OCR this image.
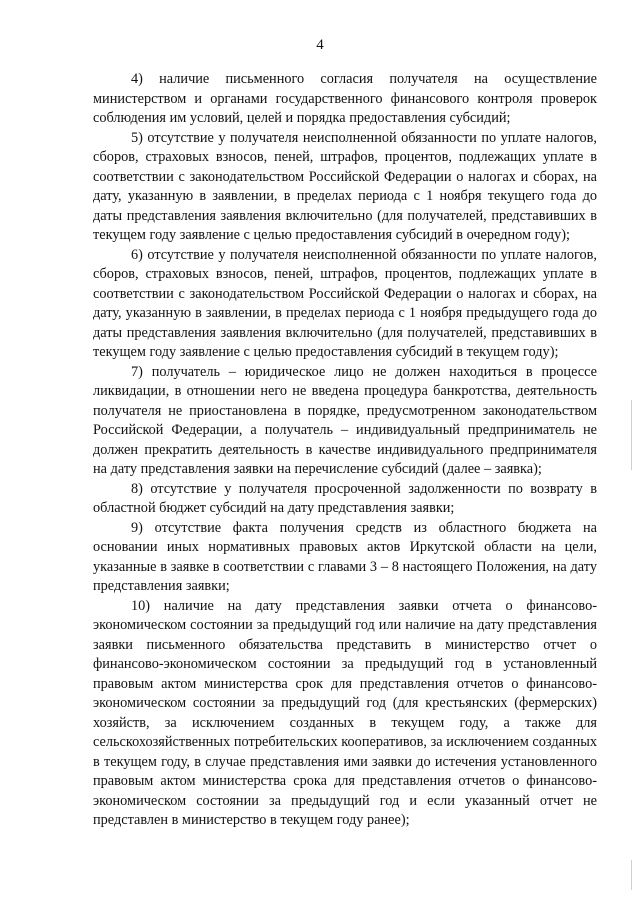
4

4) наличие письменного согласия получателя на осуществление министерством и органами государственного финансового контроля проверок соблюдения им условий, целей и порядка предоставления субсидий;

5) отсутствие у получателя неисполненной обязанности по уплате налогов, сборов, страховых взносов, пеней, штрафов, процентов, подлежащих уплате в соответствии с законодательством Российской Федерации о налогах и сборах, на дату, указанную в заявлении, в пределах периода с 1 ноября текущего года до даты представления заявления включительно (для получателей, представивших в текущем году заявление с целью предоставления субсидий в очередном году);

6) отсутствие у получателя неисполненной обязанности по уплате налогов, сборов, страховых взносов, пеней, штрафов, процентов, подлежащих уплате в соответствии с законодательством Российской Федерации о налогах и сборах, на дату, указанную в заявлении, в пределах периода с 1 ноября предыдущего года до даты представления заявления включительно (для получателей, представивших в текущем году заявление с целью предоставления субсидий в текущем году);

7) получатель – юридическое лицо не должен находиться в процессе ликвидации, в отношении него не введена процедура банкротства, деятельность получателя не приостановлена в порядке, предусмотренном законодательством Российской Федерации, а получатель – индивидуальный предприниматель не должен прекратить деятельность в качестве индивидуального предпринимателя на дату представления заявки на перечисление субсидий (далее – заявка);

8) отсутствие у получателя просроченной задолженности по возврату в областной бюджет субсидий на дату представления заявки;

9) отсутствие факта получения средств из областного бюджета на основании иных нормативных правовых актов Иркутской области на цели, указанные в заявке в соответствии с главами 3 – 8 настоящего Положения, на дату представления заявки;

10) наличие на дату представления заявки отчета о финансово-экономическом состоянии за предыдущий год или наличие на дату представления заявки письменного обязательства представить в министерство отчет о финансово-экономическом состоянии за предыдущий год в установленный правовым актом министерства срок для представления отчетов о финансово-экономическом состоянии за предыдущий год (для крестьянских (фермерских) хозяйств, за исключением созданных в текущем году, а также для сельскохозяйственных потребительских кооперативов, за исключением созданных в текущем году, в случае представления ими заявки до истечения установленного правовым актом министерства срока для представления отчетов о финансово-экономическом состоянии за предыдущий год и если указанный отчет не представлен в министерство в текущем году ранее);
